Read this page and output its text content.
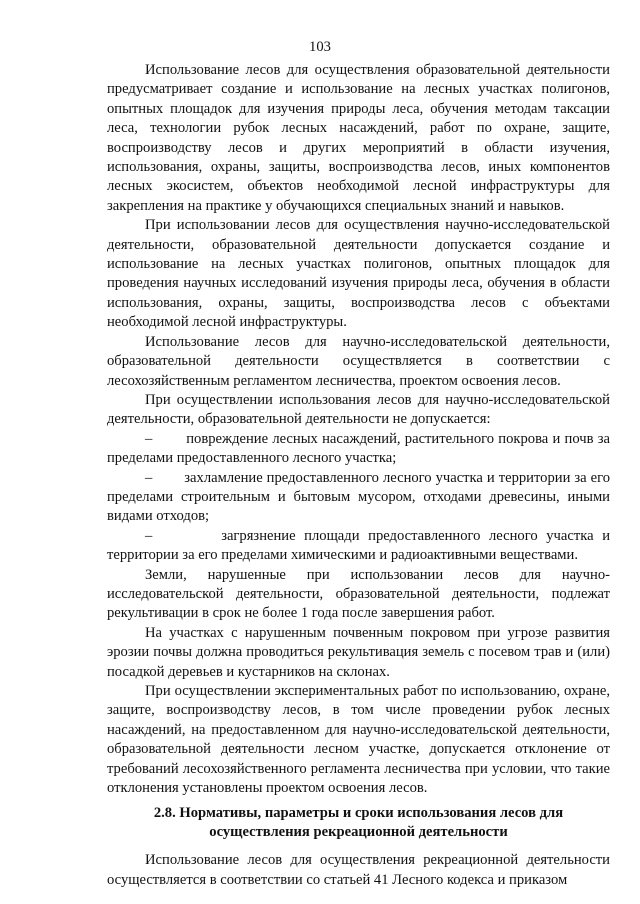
103

Использование лесов для осуществления образовательной деятельности предусматривает создание и использование на лесных участках полигонов, опытных площадок для изучения природы леса, обучения методам таксации леса, технологии рубок лесных насаждений, работ по охране, защите, воспроизводству лесов и других мероприятий в области изучения, использования, охраны, защиты, воспроизводства лесов, иных компонентов лесных экосистем, объектов необходимой лесной инфраструктуры для закрепления на практике у обучающихся специальных знаний и навыков.

При использовании лесов для осуществления научно-исследовательской деятельности, образовательной деятельности допускается создание и использование на лесных участках полигонов, опытных площадок для проведения научных исследований изучения природы леса, обучения в области использования, охраны, защиты, воспроизводства лесов с объектами необходимой лесной инфраструктуры.

Использование лесов для научно-исследовательской деятельности, образовательной деятельности осуществляется в соответствии с лесохозяйственным регламентом лесничества, проектом освоения лесов.

При осуществлении использования лесов для научно-исследовательской деятельности, образовательной деятельности не допускается:

– повреждение лесных насаждений, растительного покрова и почв за пределами предоставленного лесного участка;

– захламление предоставленного лесного участка и территории за его пределами строительным и бытовым мусором, отходами древесины, иными видами отходов;

–	загрязнение площади предоставленного лесного участка и территории за его пределами химическими и радиоактивными веществами.

Земли, нарушенные при использовании лесов для научно-исследовательской деятельности, образовательной деятельности, подлежат рекультивации в срок не более 1 года после завершения работ.

На участках с нарушенным почвенным покровом при угрозе развития эрозии почвы должна проводиться рекультивация земель с посевом трав и (или) посадкой деревьев и кустарников на склонах.

При осуществлении экспериментальных работ по использованию, охране, защите, воспроизводству лесов, в том числе проведении рубок лесных насаждений, на предоставленном для научно-исследовательской деятельности, образовательной деятельности лесном участке, допускается отклонение от требований лесохозяйственного регламента лесничества при условии, что такие отклонения установлены проектом освоения лесов.

2.8. Нормативы, параметры и сроки использования лесов для
осуществления рекреационной деятельности

Использование лесов для осуществления рекреационной деятельности осуществляется в соответствии со статьей 41 Лесного кодекса и приказом
